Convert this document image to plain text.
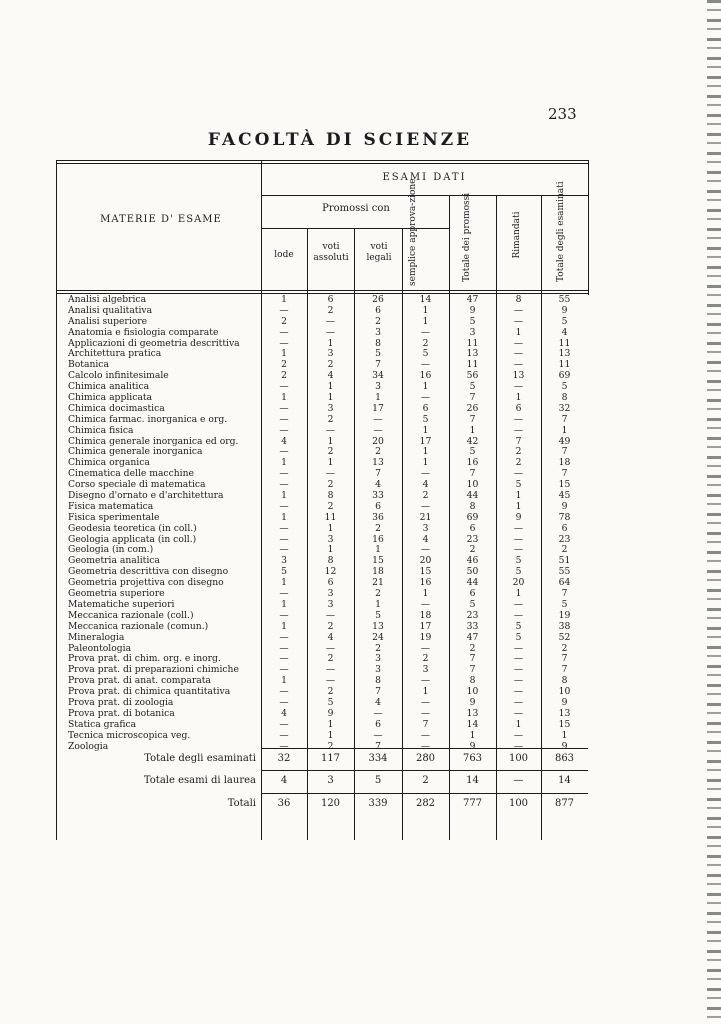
233
FACOLTÀ DI SCIENZE
MATERIE D' ESAME
ESAMI DATI
Promossi con
lode
voti assoluti
voti legali	semplice approva-zione	Totale dei promossi	Rimandati	Totale degli esaminati
Analisi algebrica	1	6	26	14	47	8	55
Analisi qualitativa	—	2	6	1	9	—	9
Analisi superiore	2	—	2	1	5	—	5
Anatomia e fisiologia comparate	—	—	3	—	3	1	4
Applicazioni di geometria descrittiva	—	1	8	2	11	—	11
Architettura pratica	1	3	5	5	13	—	13
Botanica	2	2	7	—	11	—	11
Calcolo infinitesimale	2	4	34	16	56	13	69
Chimica analitica	—	1	3	1	5	—	5
Chimica applicata	1	1	1	—	7	1	8
Chimica docimastica	—	3	17	6	26	6	32
Chimica farmac. inorganica e org.	—	2	—	5	7	—	7
Chimica fisica	—	—	—	1	1	—	1
Chimica generale inorganica ed org.	4	1	20	17	42	7	49
Chimica generale inorganica	—	2	2	1	5	2	7
Chimica organica	1	1	13	1	16	2	18
Cinematica delle macchine	—	—	7	—	7	—	7
Corso speciale di matematica	—	2	4	4	10	5	15
Disegno d'ornato e d'architettura	1	8	33	2	44	1	45
Fisica matematica	—	2	6	—	8	1	9
Fisica sperimentale	1	11	36	21	69	9	78
Geodesia teoretica (in coll.)	—	1	2	3	6	—	6
Geologia applicata (in coll.)	—	3	16	4	23	—	23
Geologia (in com.)	—	1	1	—	2	—	2
Geometria analitica	3	8	15	20	46	5	51
Geometria descrittiva con disegno	5	12	18	15	50	5	55
Geometria projettiva con disegno	1	6	21	16	44	20	64
Geometria superiore	—	3	2	1	6	1	7
Matematiche superiori	1	3	1	—	5	—	5
Meccanica razionale (coll.)	—	—	5	18	23	—	19
Meccanica razionale (comun.)	1	2	13	17	33	5	38
Mineralogia	—	4	24	19	47	5	52
Paleontologia	—	—	2	—	2	—	2
Prova prat. di chim. org. e inorg.	—	2	3	2	7	—	7
Prova prat. di preparazioni chimiche	—	—	3	3	7	—	7
Prova prat. di anat. comparata	1	—	8	—	8	—	8
Prova prat. di chimica quantitativa	—	2	7	1	10	—	10
Prova prat. di zoologia	—	5	4	—	9	—	9
Prova prat. di botanica	4	9	—	—	13	—	13
Statica grafica	—	1	6	7	14	1	15
Tecnica microscopica veg.	—	1	—	—	1	—	1
Zoologia	—	2	7	—	9	—	9
Totale degli esaminati	32	117	334	280	763	100	863
Totale esami di laurea	4	3	5	2	14	—	14
Totali	36	120	339	282	777	100	877
